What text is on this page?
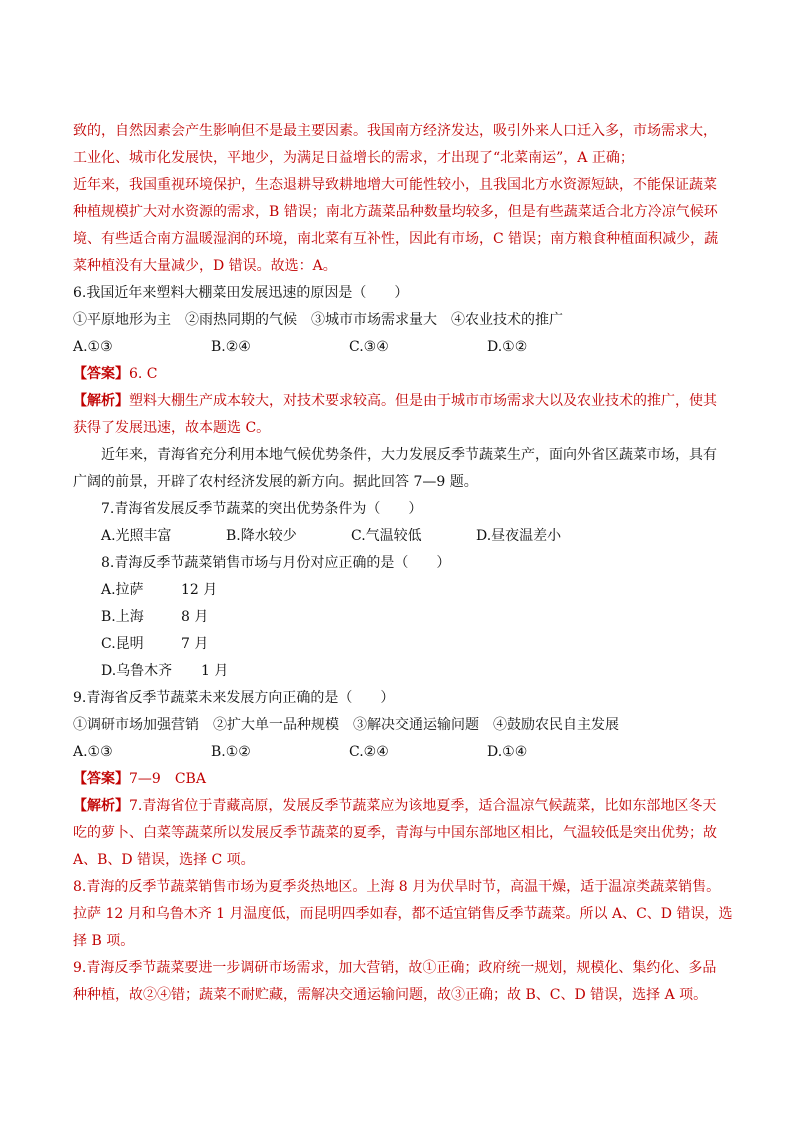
致的，自然因素会产生影响但不是最主要因素。我国南方经济发达，吸引外来人口迁入多，市场需求大，
工业化、城市化发展快，平地少，为满足日益增长的需求，才出现了“北菜南运”，A 正确；
近年来，我国重视环境保护，生态退耕导致耕地增大可能性较小，且我国北方水资源短缺，不能保证蔬菜
种植规模扩大对水资源的需求，B 错误；南北方蔬菜品种数量均较多，但是有些蔬菜适合北方冷凉气候环
境、有些适合南方温暖湿润的环境，南北菜有互补性，因此有市场，C 错误；南方粮食种植面积减少，蔬
菜种植没有大量减少，D 错误。故选：A。
6.我国近年来塑料大棚菜田发展迅速的原因是（　　）
①平原地形为主　②雨热同期的气候　③城市市场需求量大　④农业技术的推广
A.①③	B.②④	C.③④	D.①②
【答案】6. C
【解析】塑料大棚生产成本较大，对技术要求较高。但是由于城市市场需求大以及农业技术的推广，使其
获得了发展迅速，故本题选 C。
近年来，青海省充分利用本地气候优势条件，大力发展反季节蔬菜生产，面向外省区蔬菜市场，具有
广阔的前景，开辟了农村经济发展的新方向。据此回答 7—9 题。
7.青海省发展反季节蔬菜的突出优势条件为（　　）
A.光照丰富	B.降水较少	C.气温较低	D.昼夜温差小
8.青海反季节蔬菜销售市场与月份对应正确的是（　　）
A.拉萨	12 月
B.上海	8 月
C.昆明	7 月
D.乌鲁木齐 1 月
9.青海省反季节蔬菜未来发展方向正确的是（　　）
①调研市场加强营销　②扩大单一品种规模　③解决交通运输问题　④鼓励农民自主发展
A.①③	B.①②	C.②④	D.①④
【答案】7—9　CBA
【解析】7.青海省位于青藏高原，发展反季节蔬菜应为该地夏季，适合温凉气候蔬菜，比如东部地区冬天
吃的萝卜、白菜等蔬菜所以发展反季节蔬菜的夏季，青海与中国东部地区相比，气温较低是突出优势；故
A、B、D 错误，选择 C 项。
8.青海的反季节蔬菜销售市场为夏季炎热地区。上海 8 月为伏旱时节，高温干燥，适于温凉类蔬菜销售。
拉萨 12 月和乌鲁木齐 1 月温度低，而昆明四季如春，都不适宜销售反季节蔬菜。所以 A、C、D 错误，选
择 B 项。
9.青海反季节蔬菜要进一步调研市场需求，加大营销，故①正确；政府统一规划，规模化、集约化、多品
种种植，故②④错；蔬菜不耐贮藏，需解决交通运输问题，故③正确；故 B、C、D 错误，选择 A 项。
